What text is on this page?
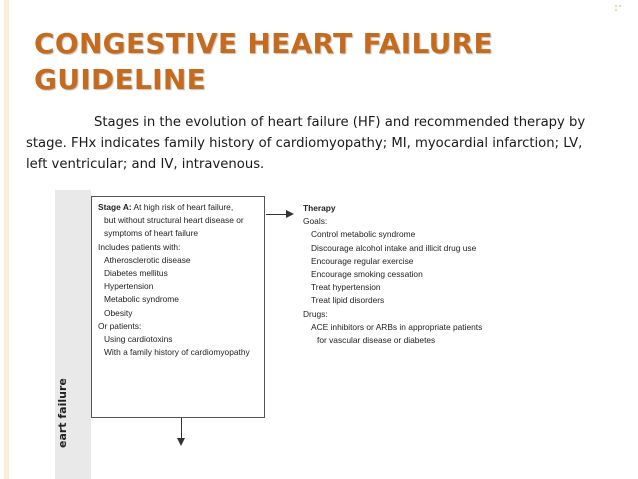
CONGESTIVE HEART FAILURE
GUIDELINE

Stages in the evolution of heart failure (HF) and recommended therapy by stage. FHx indicates family history of cardiomyopathy; MI, myocardial infarction; LV, left ventricular; and IV, intravenous.

eart failure
Stage A: At high risk of heart failure,
but without structural heart disease or
symptoms of heart failure
Includes patients with:
Atherosclerotic disease
Diabetes mellitus
Hypertension
Metabolic syndrome
Obesity
Or patients:
Using cardiotoxins
With a family history of cardiomyopathy
Therapy
Goals:
Control metabolic syndrome
Discourage alcohol intake and illicit drug use
Encourage regular exercise
Encourage smoking cessation
Treat hypertension
Treat lipid disorders
Drugs:
ACE inhibitors or ARBs in appropriate patients
for vascular disease or diabetes
